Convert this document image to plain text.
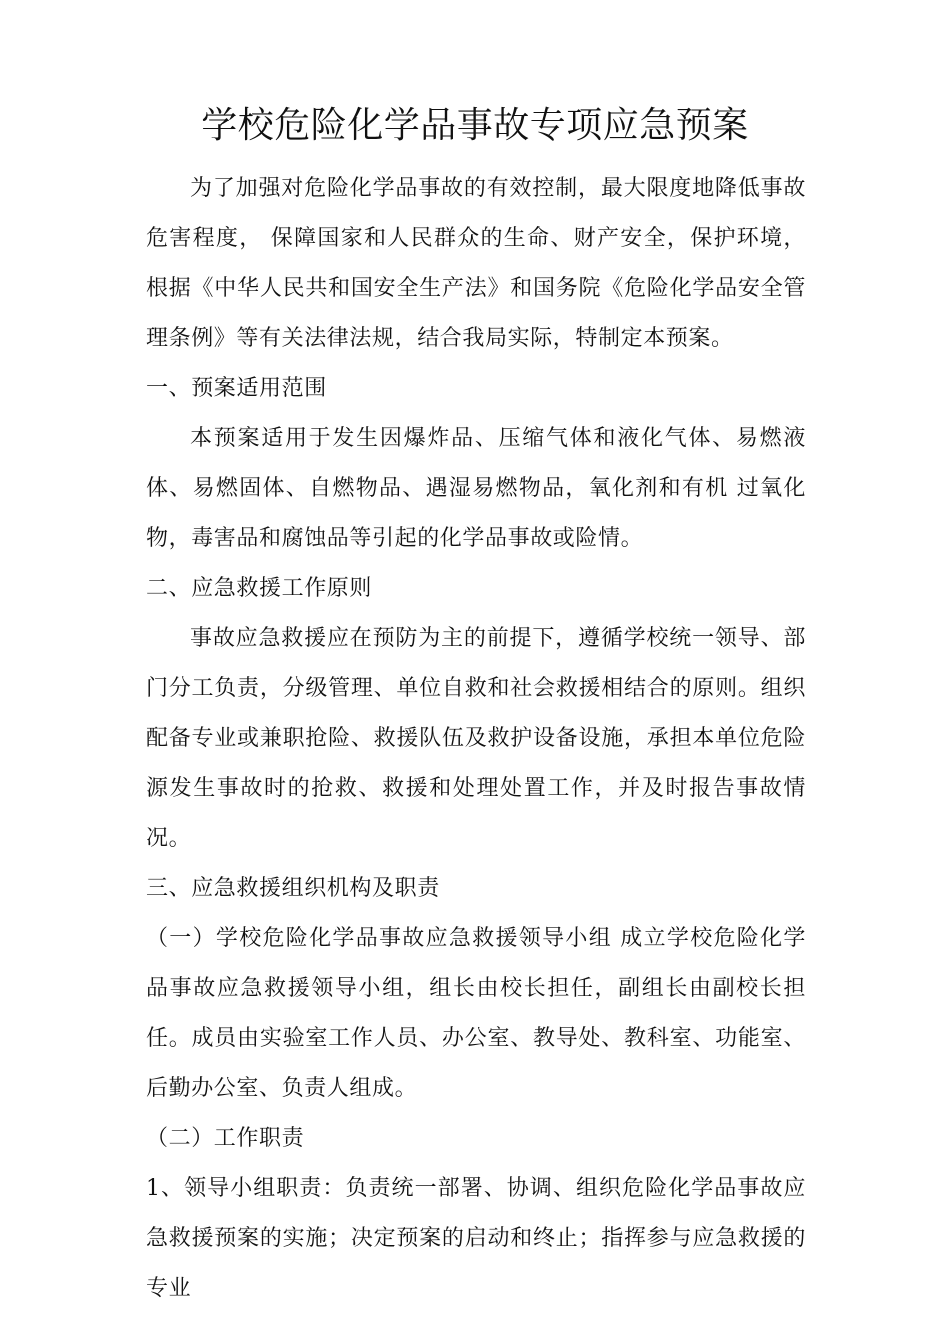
学校危险化学品事故专项应急预案

为了加强对危险化学品事故的有效控制，最大限度地降低事故危害程度， 保障国家和人民群众的生命、财产安全，保护环境，根据《中华人民共和国安全生产法》和国务院《危险化学品安全管理条例》等有关法律法规，结合我局实际，特制定本预案。

一、预案适用范围

本预案适用于发生因爆炸品、压缩气体和液化气体、易燃液体、易燃固体、自燃物品、遇湿易燃物品，氧化剂和有机 过氧化物，毒害品和腐蚀品等引起的化学品事故或险情。

二、应急救援工作原则

事故应急救援应在预防为主的前提下，遵循学校统一领导、部门分工负责，分级管理、单位自救和社会救援相结合的原则。组织配备专业或兼职抢险、救援队伍及救护设备设施，承担本单位危险源发生事故时的抢救、救援和处理处置工作，并及时报告事故情况。

三、应急救援组织机构及职责

（一）学校危险化学品事故应急救援领导小组 成立学校危险化学品事故应急救援领导小组，组长由校长担任，副组长由副校长担任。成员由实验室工作人员、办公室、教导处、教科室、功能室、后勤办公室、负责人组成。

（二）工作职责

1、领导小组职责：负责统一部署、协调、组织危险化学品事故应急救援预案的实施；决定预案的启动和终止；指挥参与应急救援的专业
